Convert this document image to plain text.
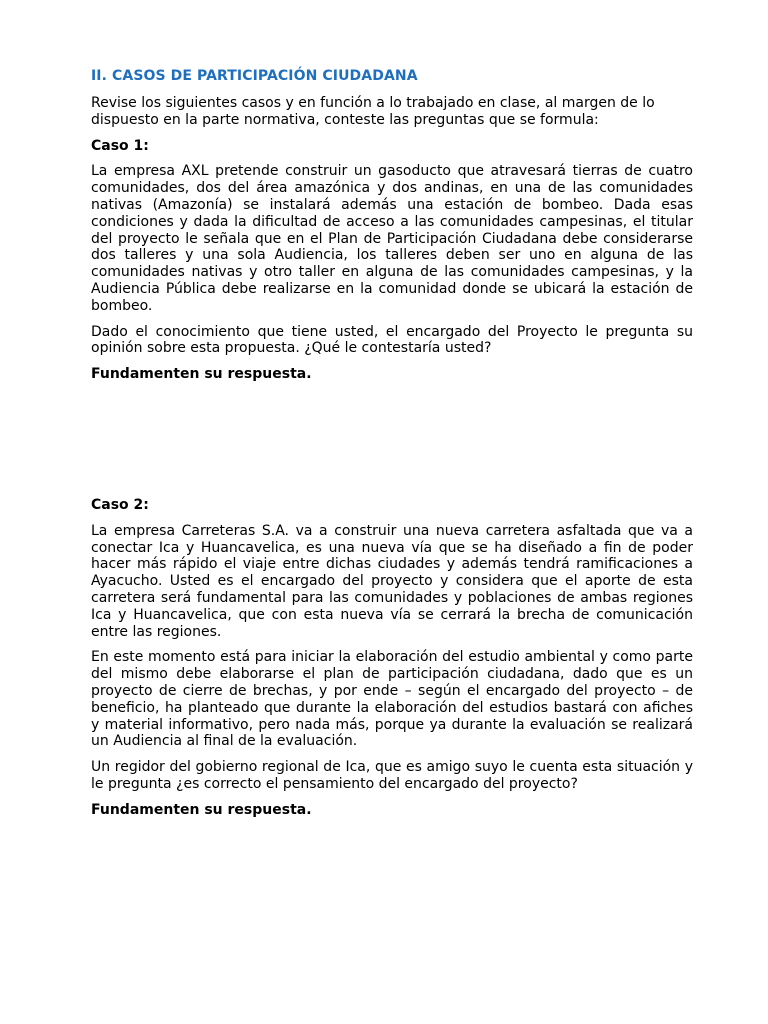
II. CASOS DE PARTICIPACIÓN CIUDADANA

Revise los siguientes casos y en función a lo trabajado en clase, al margen de lo dispuesto en la parte normativa, conteste las preguntas que se formula:

Caso 1:

La empresa AXL pretende construir un gasoducto que atravesará tierras de cuatro comunidades, dos del área amazónica y dos andinas, en una de las comunidades nativas (Amazonía) se instalará además una estación de bombeo. Dada esas condiciones y dada la dificultad de acceso a las comunidades campesinas, el titular del proyecto le señala que en el Plan de Participación Ciudadana debe considerarse dos talleres y una sola Audiencia, los talleres deben ser uno en alguna de las comunidades nativas y otro taller en alguna de las comunidades campesinas, y la Audiencia Pública debe realizarse en la comunidad donde se ubicará la estación de bombeo.

Dado el conocimiento que tiene usted, el encargado del Proyecto le pregunta su opinión sobre esta propuesta. ¿Qué le contestaría usted?

Fundamenten su respuesta.

Caso 2:

La empresa Carreteras S.A. va a construir una nueva carretera asfaltada que va a conectar Ica y Huancavelica, es una nueva vía que se ha diseñado a fin de poder hacer más rápido el viaje entre dichas ciudades y además tendrá ramificaciones a Ayacucho. Usted es el encargado del proyecto y considera que el aporte de esta carretera será fundamental para las comunidades y poblaciones de ambas regiones Ica y Huancavelica, que con esta nueva vía se cerrará la brecha de comunicación entre las regiones.

En este momento está para iniciar la elaboración del estudio ambiental y como parte del mismo debe elaborarse el plan de participación ciudadana, dado que es un proyecto de cierre de brechas, y por ende – según el encargado del proyecto – de beneficio, ha planteado que durante la elaboración del estudios bastará con afiches y material informativo, pero nada más, porque ya durante la evaluación se realizará un Audiencia al final de la evaluación.

Un regidor del gobierno regional de Ica, que es amigo suyo le cuenta esta situación y le pregunta ¿es correcto el pensamiento del encargado del proyecto?

Fundamenten su respuesta.
